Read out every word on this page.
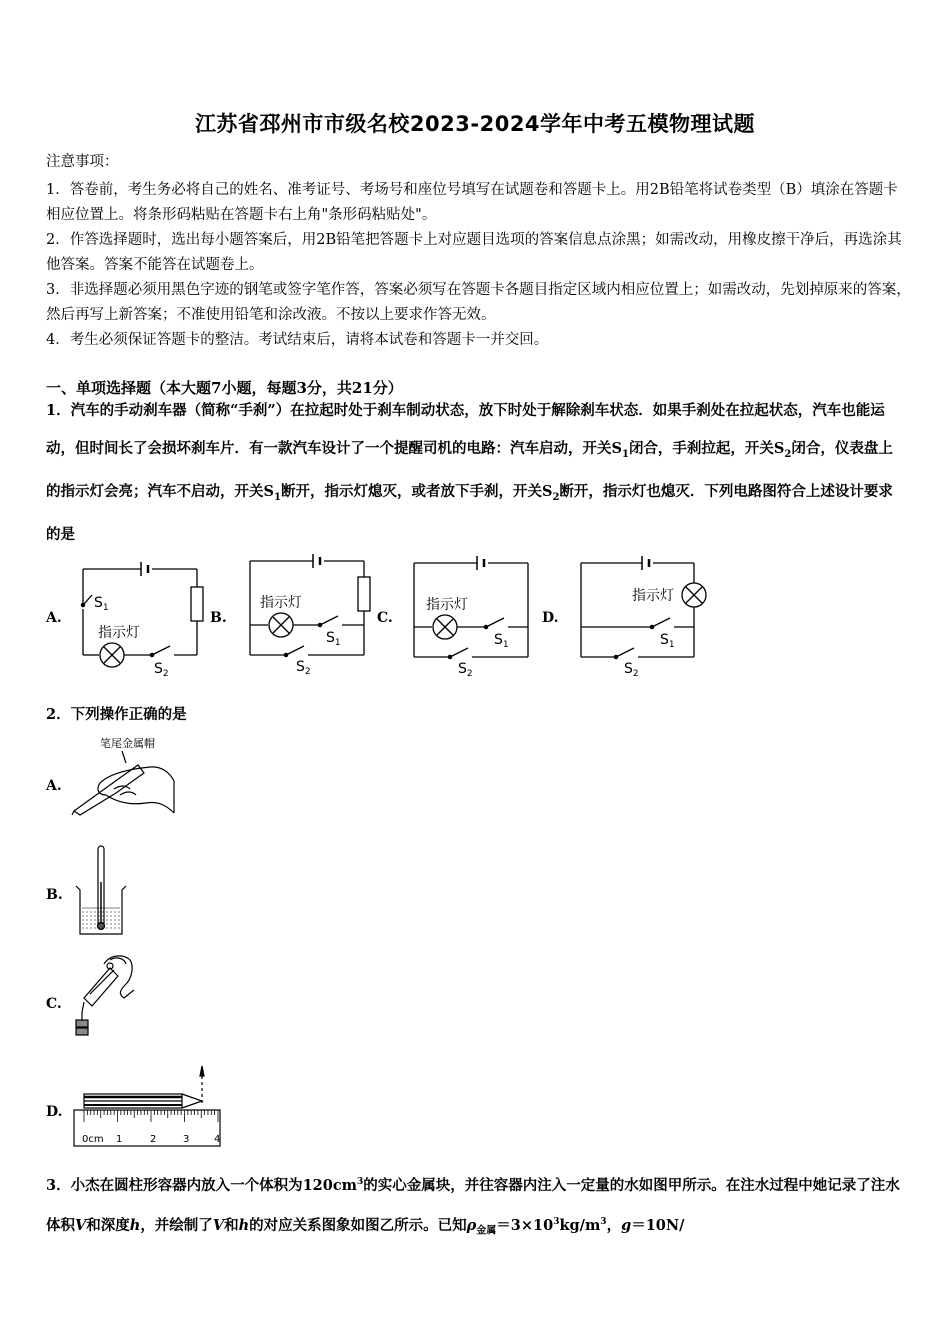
江苏省邳州市市级名校2023-2024学年中考五模物理试题
注意事项：
1．答卷前，考生务必将自己的姓名、准考证号、考场号和座位号填写在试题卷和答题卡上。用2B铅笔将试卷类型（B）填涂在答题卡相应位置上。将条形码粘贴在答题卡右上角"条形码粘贴处"。
2．作答选择题时，选出每小题答案后，用2B铅笔把答题卡上对应题目选项的答案信息点涂黑；如需改动，用橡皮擦干净后，再选涂其他答案。答案不能答在试题卷上。
3．非选择题必须用黑色字迹的钢笔或签字笔作答，答案必须写在答题卡各题目指定区域内相应位置上；如需改动，先划掉原来的答案，然后再写上新答案；不准使用铅笔和涂改液。不按以上要求作答无效。
4．考生必须保证答题卡的整洁。考试结束后，请将本试卷和答题卡一并交回。
一、单项选择题（本大题7小题，每题3分，共21分）
1．汽车的手动刹车器（简称“手刹”）在拉起时处于刹车制动状态，放下时处于解除刹车状态．如果手刹处在拉起状态，汽车也能运动，但时间长了会损坏刹车片．有一款汽车设计了一个提醒司机的电路：汽车启动，开关$S_1$闭合，手刹拉起，开关$S_2$闭合，仪表盘上的指示灯会亮；汽车不启动，开关$S_1$断开，指示灯熄灭，或者放下手刹，开关$S_2$断开，指示灯也熄灭．下列电路图符合上述设计要求的是
A.	B.	C.	D.
$S_1$
指示灯
$S_2$
指示灯
$S_1$
$S_2$
指示灯
$S_1$
$S_2$
指示灯
$S_1$
$S_2$
2．下列操作正确的是
A.
笔尾金属帽
B.
C.
D.
0cm 1	2	3 4
3．小杰在圆柱形容器内放入一个体积为$120cm^3$的实心金属块，并往容器内注入一定量的水如图甲所示。在注水过程中她记录了注水体积V和深度h，并绘制了V和h的对应关系图象如图乙所示。已知$\rho_{金属}=3\times 10^3kg/m^3$，g＝10N/
